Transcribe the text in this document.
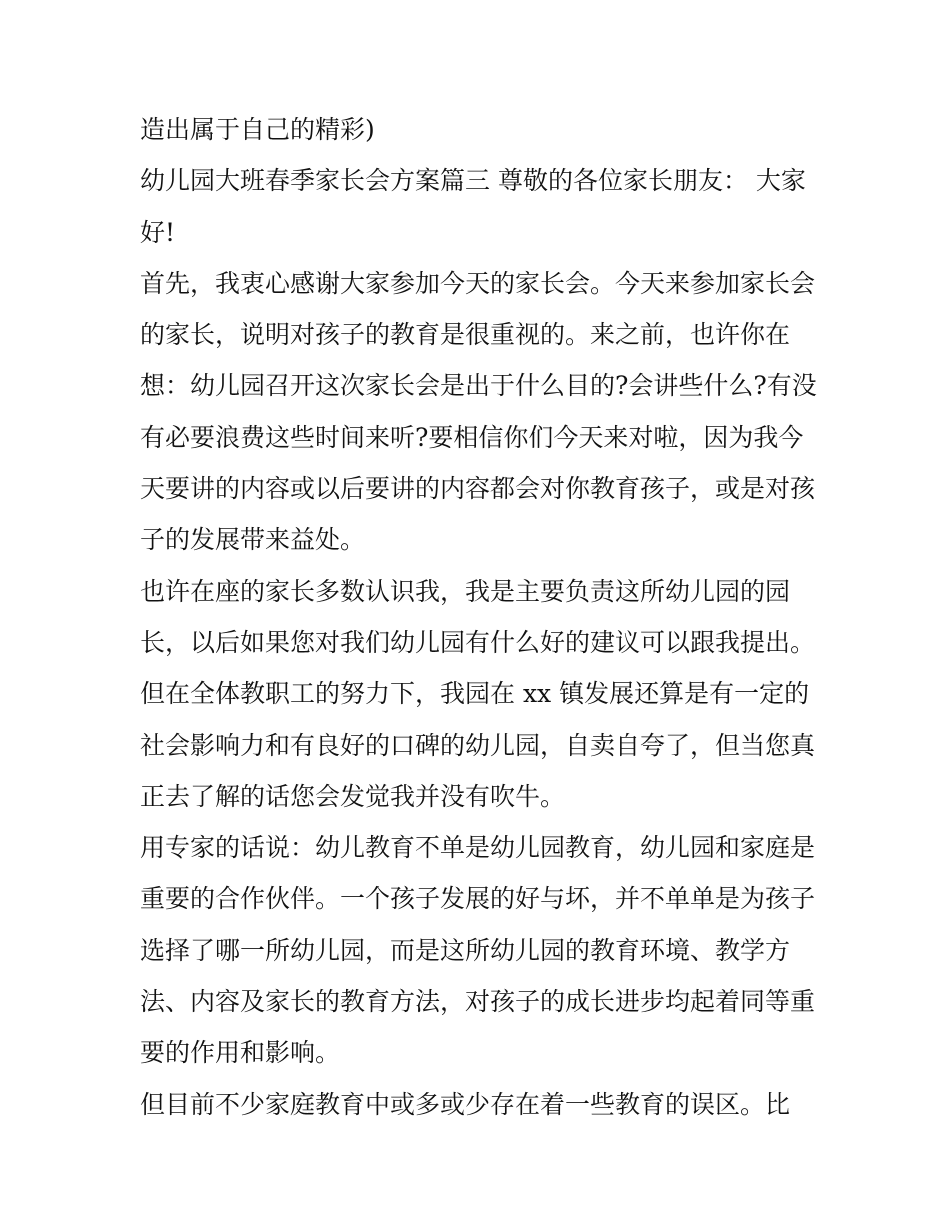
造出属于自己的精彩)
幼儿园大班春季家长会方案篇三 尊敬的各位家长朋友： 大家
好!
首先，我衷心感谢大家参加今天的家长会。今天来参加家长会
的家长，说明对孩子的教育是很重视的。来之前，也许你在
想：幼儿园召开这次家长会是出于什么目的?会讲些什么?有没
有必要浪费这些时间来听?要相信你们今天来对啦，因为我今
天要讲的内容或以后要讲的内容都会对你教育孩子，或是对孩
子的发展带来益处。
也许在座的家长多数认识我，我是主要负责这所幼儿园的园
长，以后如果您对我们幼儿园有什么好的建议可以跟我提出。
但在全体教职工的努力下，我园在 xx 镇发展还算是有一定的
社会影响力和有良好的口碑的幼儿园，自卖自夸了，但当您真
正去了解的话您会发觉我并没有吹牛。
用专家的话说：幼儿教育不单是幼儿园教育，幼儿园和家庭是
重要的合作伙伴。一个孩子发展的好与坏，并不单单是为孩子
选择了哪一所幼儿园，而是这所幼儿园的教育环境、教学方
法、内容及家长的教育方法，对孩子的成长进步均起着同等重
要的作用和影响。
但目前不少家庭教育中或多或少存在着一些教育的误区。比
